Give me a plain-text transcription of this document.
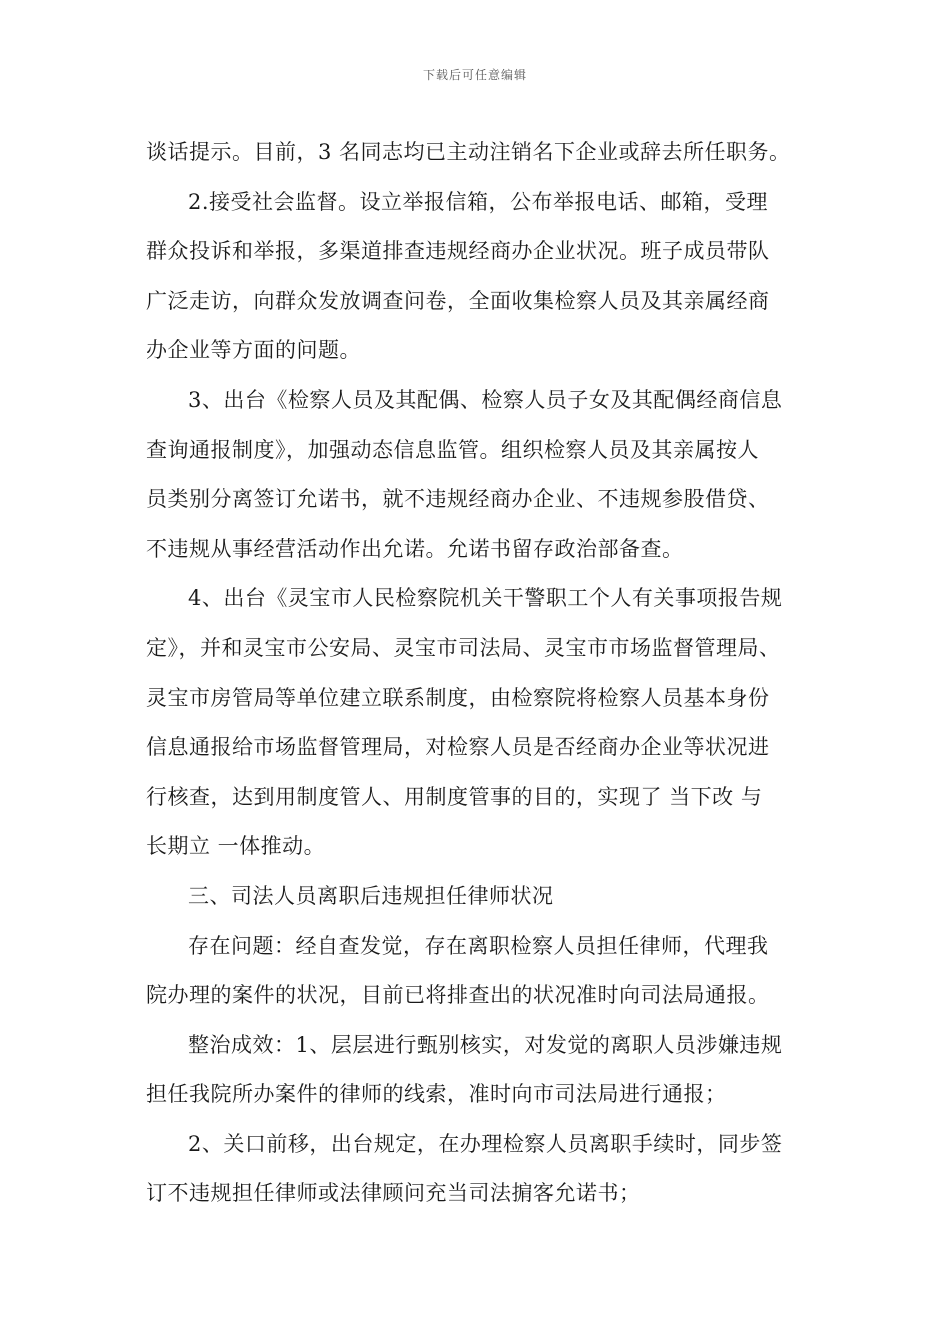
下载后可任意编辑
谈话提示。目前，3 名同志均已主动注销名下企业或辞去所任职务。
2.接受社会监督。设立举报信箱，公布举报电话、邮箱，受理
群众投诉和举报，多渠道排查违规经商办企业状况。班子成员带队
广泛走访，向群众发放调查问卷，全面收集检察人员及其亲属经商
办企业等方面的问题。
3、出台《检察人员及其配偶、检察人员子女及其配偶经商信息
查询通报制度》，加强动态信息监管。组织检察人员及其亲属按人
员类别分离签订允诺书，就不违规经商办企业、不违规参股借贷、
不违规从事经营活动作出允诺。允诺书留存政治部备查。
4、出台《灵宝市人民检察院机关干警职工个人有关事项报告规
定》，并和灵宝市公安局、灵宝市司法局、灵宝市市场监督管理局、
灵宝市房管局等单位建立联系制度，由检察院将检察人员基本身份
信息通报给市场监督管理局，对检察人员是否经商办企业等状况进
行核查，达到用制度管人、用制度管事的目的，实现了 当下改 与
长期立 一体推动。
三、司法人员离职后违规担任律师状况
存在问题：经自查发觉，存在离职检察人员担任律师，代理我
院办理的案件的状况，目前已将排查出的状况准时向司法局通报。
整治成效：1、层层进行甄别核实，对发觉的离职人员涉嫌违规
担任我院所办案件的律师的线索，准时向市司法局进行通报；
2、关口前移，出台规定，在办理检察人员离职手续时，同步签
订不违规担任律师或法律顾问充当司法掮客允诺书；
